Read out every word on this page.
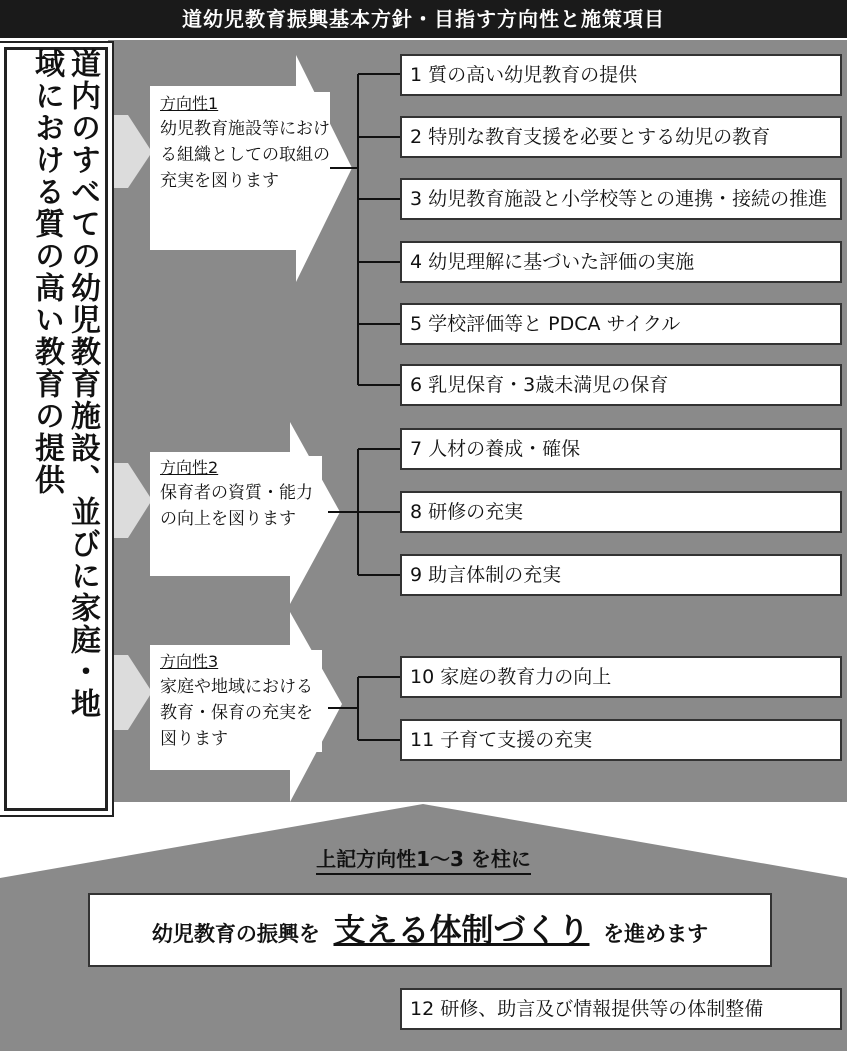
道幼児教育振興基本方針・目指す方向性と施策項目
道内のすべての幼児教育施設、並びに家庭・地域における質の高い教育の提供	方向性1
幼児教育施設等における組織としての取組の充実を図ります
方向性2
保育者の資質・能力の向上を図ります
方向性3
家庭や地域における教育・保育の充実を図ります
1 質の高い幼児教育の提供
2 特別な教育支援を必要とする幼児の教育
3 幼児教育施設と小学校等との連携・接続の推進
4 幼児理解に基づいた評価の実施
5 学校評価等と PDCA サイクル
6 乳児保育・3歳未満児の保育
7 人材の養成・確保
8 研修の充実
9 助言体制の充実
10 家庭の教育力の向上
11 子育て支援の充実
上記方向性1～3 を柱に
幼児教育の振興を 支える体制づくり を進めます
12 研修、助言及び情報提供等の体制整備
